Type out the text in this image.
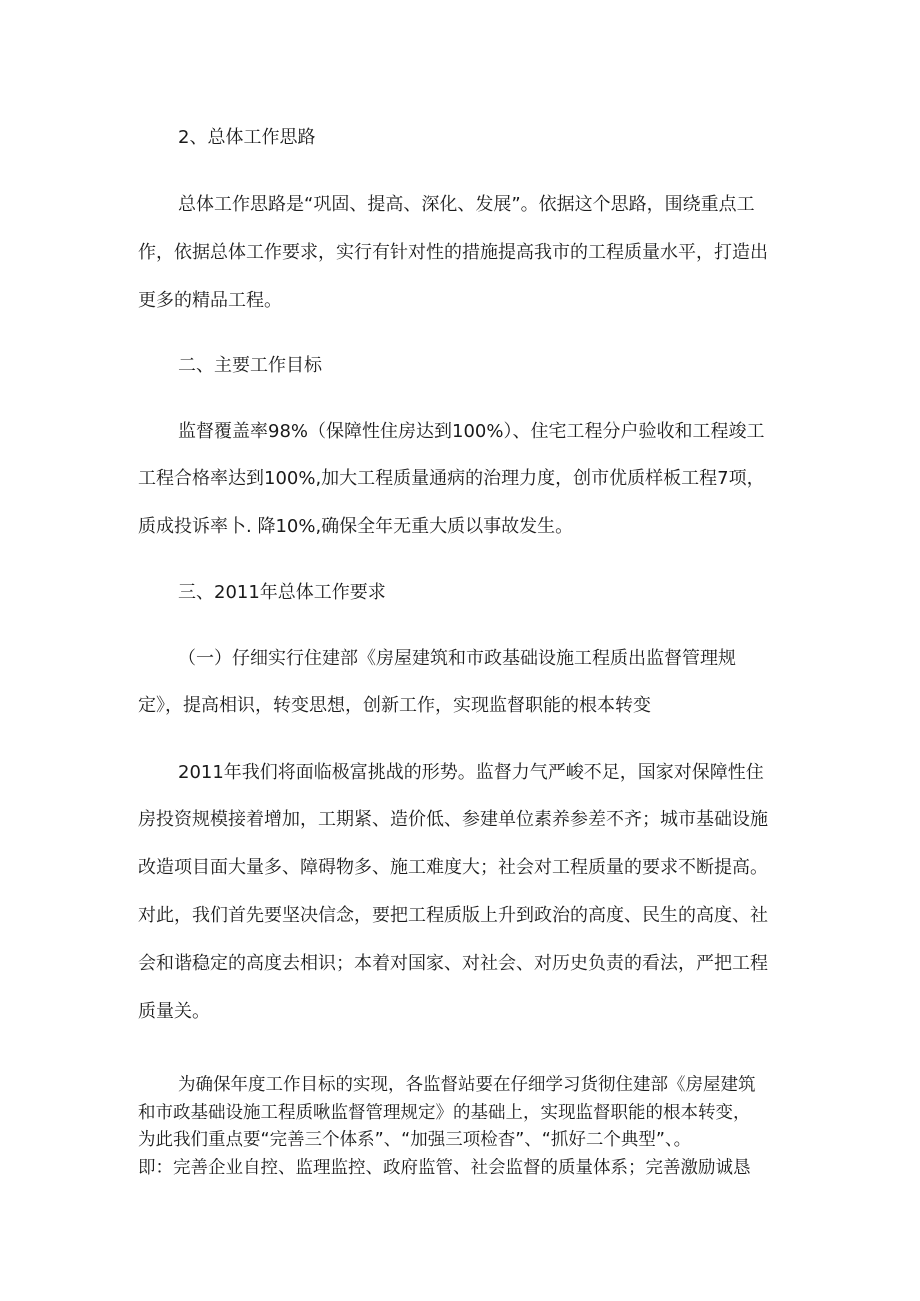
2、总体工作思路
总体工作思路是“巩固、提高、深化、发展”。依据这个思路，围绕重点工
作，依据总体工作要求，实行有针对性的措施提高我市的工程质量水平，打造出
更多的精品工程。
二、主要工作目标
监督覆盖率98%（保障性住房达到100%）、住宅工程分户验收和工程竣工
工程合格率达到100%,加大工程质量通病的治理力度，创市优质样板工程7项，
质成投诉率卜. 降10%,确保全年无重大质以事故发生。
三、2011年总体工作要求
（一）仔细实行住建部《房屋建筑和市政基础设施工程质出监督管理规
定》，提高相识，转变思想，创新工作，实现监督职能的根本转变
2011年我们将面临极富挑战的形势。监督力气严峻不足，国家对保障性住
房投资规模接着增加，工期紧、造价低、参建单位素养参差不齐；城市基础设施
改造项目面大量多、障碍物多、施工难度大；社会对工程质量的要求不断提高。
对此，我们首先要坚决信念，要把工程质版上升到政治的高度、民生的高度、社
会和谐稳定的高度去相识；本着对国家、对社会、对历史负责的看法，严把工程
质量关。
为确保年度工作目标的实现，各监督站要在仔细学习货彻住建部《房屋建筑
和市政基础设施工程质啾监督管理规定》的基础上，实现监督职能的根本转变，
为此我们重点要“完善三个体系”、“加强三项检杳”、“抓好二个典型”、。
即：完善企业自控、监理监控、政府监管、社会监督的质量体系；完善激励诚恳
